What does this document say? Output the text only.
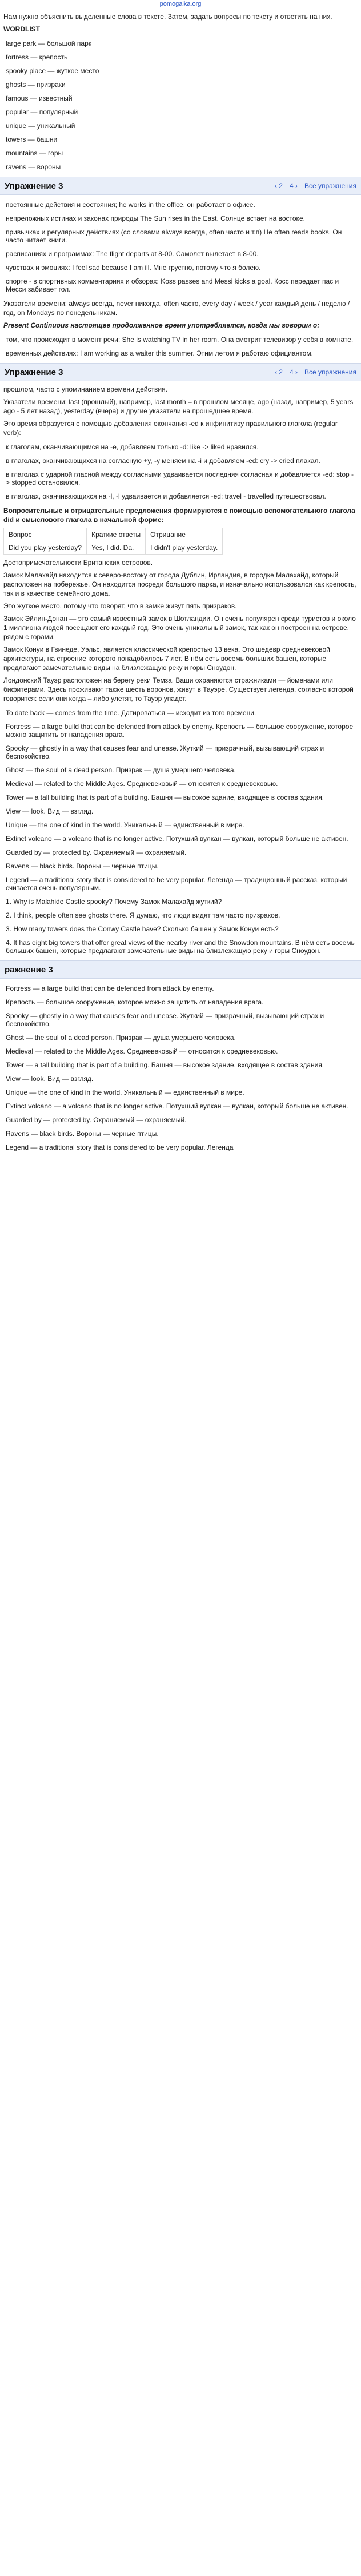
pomogalka.org
Нам нужно объяснить выделенные слова в тексте. Затем, задать вопросы по тексту и ответить на них.
WORDLIST
large park — большой парк
fortress — крепость
spooky place — жуткое место
ghosts — призраки
famous — известный
popular — популярный
unique — уникальный
towers — башни
mountains — горы
ravens — вороны
Упражнение 3	‹ 2 4 › Все упражнения
постоянные действия и состояния; he works in the office. он работает в офисе.
непреложных истинах и законах природы The Sun rises in the East. Солнце встает на востоке.
привычках и регулярных действиях (со словами always всегда, often часто и т.п) He often reads books. Он часто читает книги.
расписаниях и программах: The flight departs at 8-00. Самолет вылетает в 8-00.
чувствах и эмоциях: I feel sad because I am ill. Мне грустно, потому что я болею.
спорте - в спортивных комментариях и обзорах: Koss passes and Messi kicks a goal. Косс передает пас и Месси забивает гол.
Указатели времени: always всегда, never никогда, often часто, every day / week / year каждый день / неделю / год, on Mondays по понедельникам.
Present Continuous настоящее продолженное время употребляется, когда мы говорим о:
том, что происходит в момент речи: She is watching TV in her room. Она смотрит телевизор у себя в комнате.
временных действиях: I am working as a waiter this summer. Этим летом я работаю официантом.
Упражнение 3	‹ 2 4 › Все упражнения
прошлом, часто с упоминанием времени действия.
Указатели времени: last (прошлый), например, last month – в прошлом месяце, ago (назад, например, 5 years ago - 5 лет назад), yesterday (вчера) и другие указатели на прошедшее время.
Это время образуется с помощью добавления окончания -ed к инфинитиву правильного глагола (regular verb):
к глаголам, оканчивающимся на -е, добавляем только -d: like -> liked нравился.
в глаголах, оканчивающихся на согласную +y, -y меняем на -i и добавляем -ed: cry -> cried плакал.
в глаголах с ударной гласной между согласными удваивается последняя согласная и добавляется -ed: stop -> stopped остановился.
в глаголах, оканчивающихся на -l, -l удваивается и добавляется -ed: travel - travelled путешествовал.
Вопросительные и отрицательные предложения формируются с помощью вспомогательного глагола did и смыслового глагола в начальной форме:
Вопрос	Краткие ответы	Отрицание
Did you play yesterday?	Yes, I did. Da.	I didn't play yesterday.
Достопримечательности Британских островов.
Замок Малахайд находится к северо-востоку от города Дублин, Ирландия, в городке Малахайд, который расположен на побережье. Он находится посреди большого парка, и изначально использовался как крепость, так и в качестве семейного дома.
Это жуткое место, потому что говорят, что в замке живут пять призраков.
Замок Эйлин-Донан — это самый известный замок в Шотландии. Он очень популярен среди туристов и около 1 миллиона людей посещают его каждый год. Это очень уникальный замок, так как он построен на острове, рядом с горами.
Замок Конуи в Гвинеде, Уэльс, является классической крепостью 13 века. Это шедевр средневековой архитектуры, на строение которого понадобилось 7 лет. В нём есть восемь больших башен, которые предлагают замечательные виды на близлежащую реку и горы Сноудон.
Лондонский Тауэр расположен на берегу реки Темза. Ваши охраняются стражниками — йоменами или бифитерами. Здесь проживают также шесть воронов, живут в Тауэре. Существует легенда, согласно которой говорится: если они когда – либо улетят, то Тауэр упадет.
To date back — comes from the time. Датироваться — исходит из того времени.
Fortress — a large build that can be defended from attack by enemy. Крепость — большое сооружение, которое можно защитить от нападения врага.
Spooky — ghostly in a way that causes fear and unease. Жуткий — призрачный, вызывающий страх и беспокойство.
Ghost — the soul of a dead person. Призрак — душа умершего человека.
Medieval — related to the Middle Ages. Средневековый — относится к средневековью.
Tower — a tall building that is part of a building. Башня — высокое здание, входящее в состав здания.
View — look. Вид — взгляд.
Unique — the one of kind in the world. Уникальный — единственный в мире.
Extinct volcano — a volcano that is no longer active. Потухший вулкан — вулкан, который больше не активен.
Guarded by — protected by. Охраняемый — охраняемый.
Ravens — black birds. Вороны — черные птицы.
Legend — a traditional story that is considered to be very popular. Легенда — традиционный рассказ, который считается очень популярным.
1. Why is Malahide Castle spooky? Почему Замок Малахайд жуткий?
2. I think, people often see ghosts there. Я думаю, что люди видят там часто призраков.
3. How many towers does the Conwy Castle have? Сколько башен у Замок Конуи есть?
4. It has eight big towers that offer great views of the nearby river and the Snowdon mountains. В нём есть восемь больших башен, которые предлагают замечательные виды на близлежащую реку и горы Сноудон.
ражнение 3
Fortress — a large build that can be defended from attack by enemy.
Крепость — большое сооружение, которое можно защитить от нападения врага.
Spooky — ghostly in a way that causes fear and unease. Жуткий — призрачный, вызывающий страх и беспокойство.
Ghost — the soul of a dead person. Призрак — душа умершего человека.
Medieval — related to the Middle Ages. Средневековый — относится к средневековью.
Tower — a tall building that is part of a building. Башня — высокое здание, входящее в состав здания.
View — look. Вид — взгляд.
Unique — the one of kind in the world. Уникальный — единственный в мире.
Extinct volcano — a volcano that is no longer active. Потухший вулкан — вулкан, который больше не активен.
Guarded by — protected by. Охраняемый — охраняемый.
Ravens — black birds. Вороны — черные птицы.
Legend — a traditional story that is considered to be very popular. Легенда
